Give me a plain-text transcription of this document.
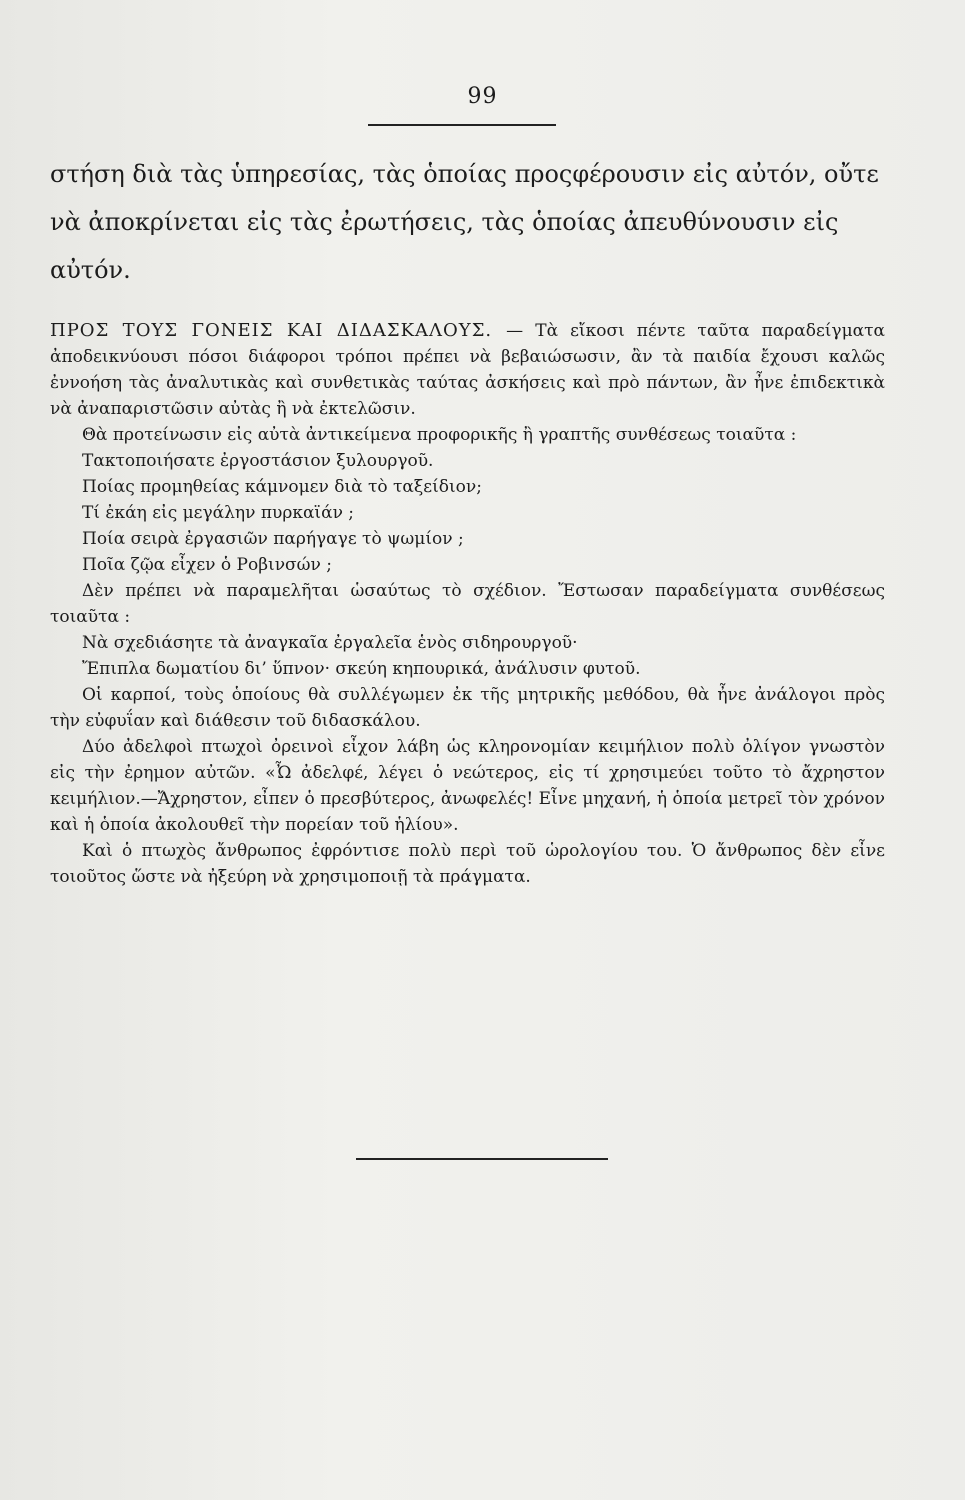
99
στήση διὰ τὰς ὑπηρεσίας, τὰς ὁποίας προςφέρουσιν εἰς αὐτόν, οὔτε
νὰ ἀποκρίνεται εἰς τὰς ἐρωτήσεις, τὰς ὁποίας ἀπευθύνουσιν εἰς
αὐτόν.

ΠΡΟΣ ΤΟΥΣ ΓΟΝΕΙΣ ΚΑΙ ΔΙΔΑΣΚΑΛΟΥΣ. — Τὰ εἴκοσι πέντε ταῦτα παραδείγματα ἀποδεικνύουσι πόσοι διάφοροι τρόποι πρέπει νὰ βεβαιώσωσιν, ἂν τὰ παιδία ἔχουσι καλῶς ἐννοήση τὰς ἀναλυτικὰς καὶ συνθετικὰς ταύτας ἀσκήσεις καὶ πρὸ πάντων, ἂν ἦνε ἐπιδεκτικὰ νὰ ἀναπαριστῶσιν αὐτὰς ἢ νὰ ἐκτελῶσιν.

Θὰ προτείνωσιν εἰς αὐτὰ ἀντικείμενα προφορικῆς ἢ γραπτῆς συνθέσεως τοιαῦτα :

Τακτοποιήσατε ἐργοστάσιον ξυλουργοῦ.
Ποίας προμηθείας κάμνομεν διὰ τὸ ταξείδιον;
Τί ἐκάη εἰς μεγάλην πυρκαϊάν ;
Ποία σειρὰ ἐργασιῶν παρήγαγε τὸ ψωμίον ;
Ποῖα ζῷα εἶχεν ὁ Ροβινσών ;

Δὲν πρέπει νὰ παραμελῆται ὡσαύτως τὸ σχέδιον. Ἔστωσαν παραδείγματα συνθέσεως τοιαῦτα :

Νὰ σχεδιάσητε τὰ ἀναγκαῖα ἐργαλεῖα ἑνὸς σιδηρουργοῦ·
Ἔπιπλα δωματίου δι’ ὕπνον· σκεύη κηπουρικά, ἀνάλυσιν φυτοῦ.

Οἱ καρποί, τοὺς ὁποίους θὰ συλλέγωμεν ἐκ τῆς μητρικῆς μεθόδου, θὰ ἦνε ἀνάλογοι πρὸς τὴν εὐφυΐαν καὶ διάθεσιν τοῦ διδασκάλου.

Δύο ἀδελφοὶ πτωχοὶ ὀρεινοὶ εἶχον λάβη ὡς κληρονομίαν κειμήλιον πολὺ ὀλίγον γνωστὸν εἰς τὴν ἐρημον αὐτῶν. «Ὦ ἀδελφέ, λέγει ὁ νεώτερος, εἰς τί χρησιμεύει τοῦτο τὸ ἄχρηστον κειμήλιον.—Ἄχρηστον, εἶπεν ὁ πρεσβύτερος, ἀνωφελές! Εἶνε μηχανή, ἡ ὁποία μετρεῖ τὸν χρόνον καὶ ἡ ὁποία ἀκολουθεῖ τὴν πορείαν τοῦ ἡλίου».

Καὶ ὁ πτωχὸς ἄνθρωπος ἐφρόντισε πολὺ περὶ τοῦ ὡρολογίου του. Ὁ ἄνθρωπος δὲν εἶνε τοιοῦτος ὥστε νὰ ἠξεύρη νὰ χρησιμοποιῇ τὰ πράγματα.
